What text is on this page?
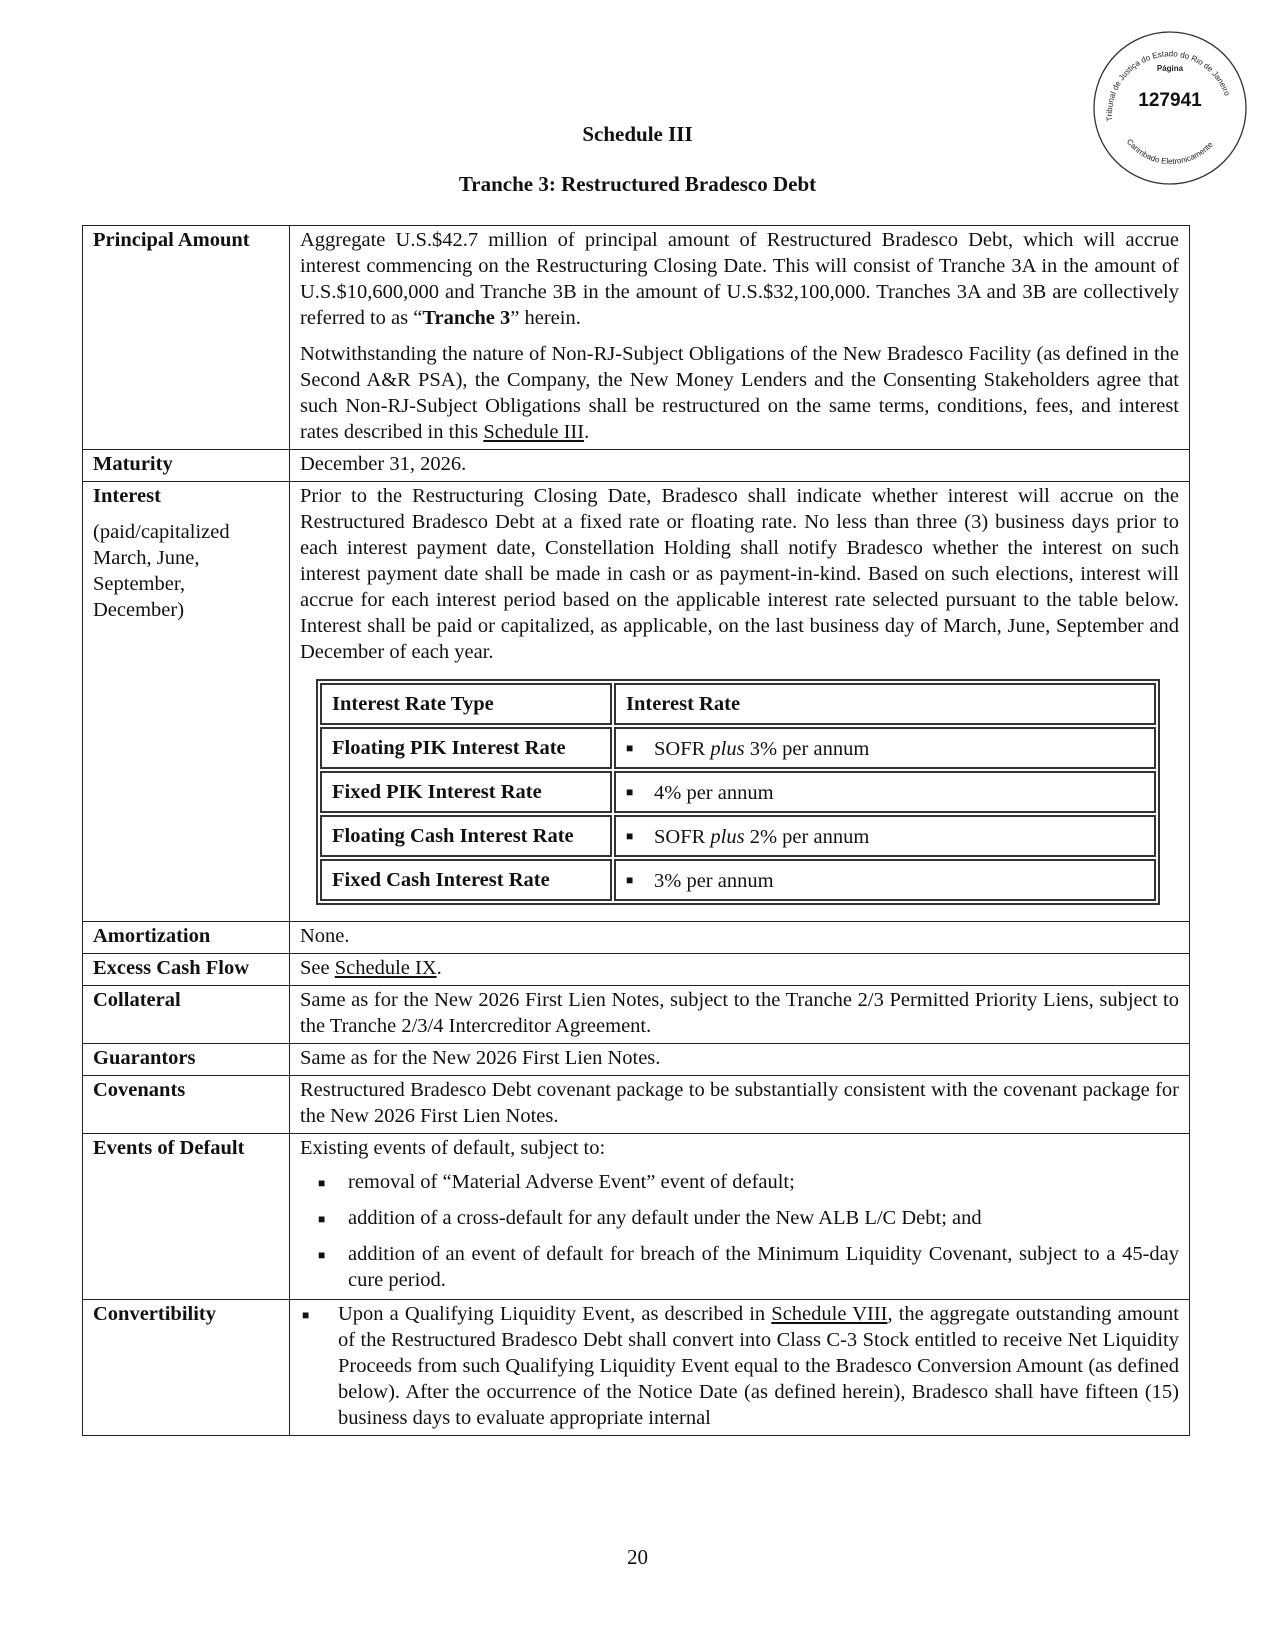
Tribunal de Justiça do Estado do Rio de Janeiro
Página
127941
Carimbado Eletronicamente
Schedule III
Tranche 3: Restructured Bradesco Debt
Principal Amount	Aggregate U.S.$42.7 million of principal amount of Restructured Bradesco Debt, which will accrue interest commencing on the Restructuring Closing Date. This will consist of Tranche 3A in the amount of U.S.$10,600,000 and Tranche 3B in the amount of U.S.$32,100,000. Tranches 3A and 3B are collectively referred to as “Tranche 3” herein.

Notwithstanding the nature of Non-RJ-Subject Obligations of the New Bradesco Facility (as defined in the Second A&R PSA), the Company, the New Money Lenders and the Consenting Stakeholders agree that such Non-RJ-Subject Obligations shall be restructured on the same terms, conditions, fees, and interest rates described in this Schedule III.

Maturity	December 31, 2026.

Interest
(paid/capitalized March, June, September, December)

Prior to the Restructuring Closing Date, Bradesco shall indicate whether interest will accrue on the Restructured Bradesco Debt at a fixed rate or floating rate. No less than three (3) business days prior to each interest payment date, Constellation Holding shall notify Bradesco whether the interest on such interest payment date shall be made in cash or as payment-in-kind. Based on such elections, interest will accrue for each interest period based on the applicable interest rate selected pursuant to the table below. Interest shall be paid or capitalized, as applicable, on the last business day of March, June, September and December of each year.

Interest Rate Type	Interest Rate
Floating PIK Interest Rate	■ SOFR plus 3% per annum
Fixed PIK Interest Rate	■ 4% per annum
Floating Cash Interest Rate	■ SOFR plus 2% per annum
Fixed Cash Interest Rate	■ 3% per annum

Amortization	None.
Excess Cash Flow	See Schedule IX.
Collateral	Same as for the New 2026 First Lien Notes, subject to the Tranche 2/3 Permitted Priority Liens, subject to the Tranche 2/3/4 Intercreditor Agreement.
Guarantors	Same as for the New 2026 First Lien Notes.
Covenants	Restructured Bradesco Debt covenant package to be substantially consistent with the covenant package for the New 2026 First Lien Notes.
Events of Default	Existing events of default, subject to:
■ removal of “Material Adverse Event” event of default;
■ addition of a cross-default for any default under the New ALB L/C Debt; and
■ addition of an event of default for breach of the Minimum Liquidity Covenant, subject to a 45-day cure period.

Convertibility	■ Upon a Qualifying Liquidity Event, as described in Schedule VIII, the aggregate outstanding amount of the Restructured Bradesco Debt shall convert into Class C-3 Stock entitled to receive Net Liquidity Proceeds from such Qualifying Liquidity Event equal to the Bradesco Conversion Amount (as defined below). After the occurrence of the Notice Date (as defined herein), Bradesco shall have fifteen (15) business days to evaluate appropriate internal
20
